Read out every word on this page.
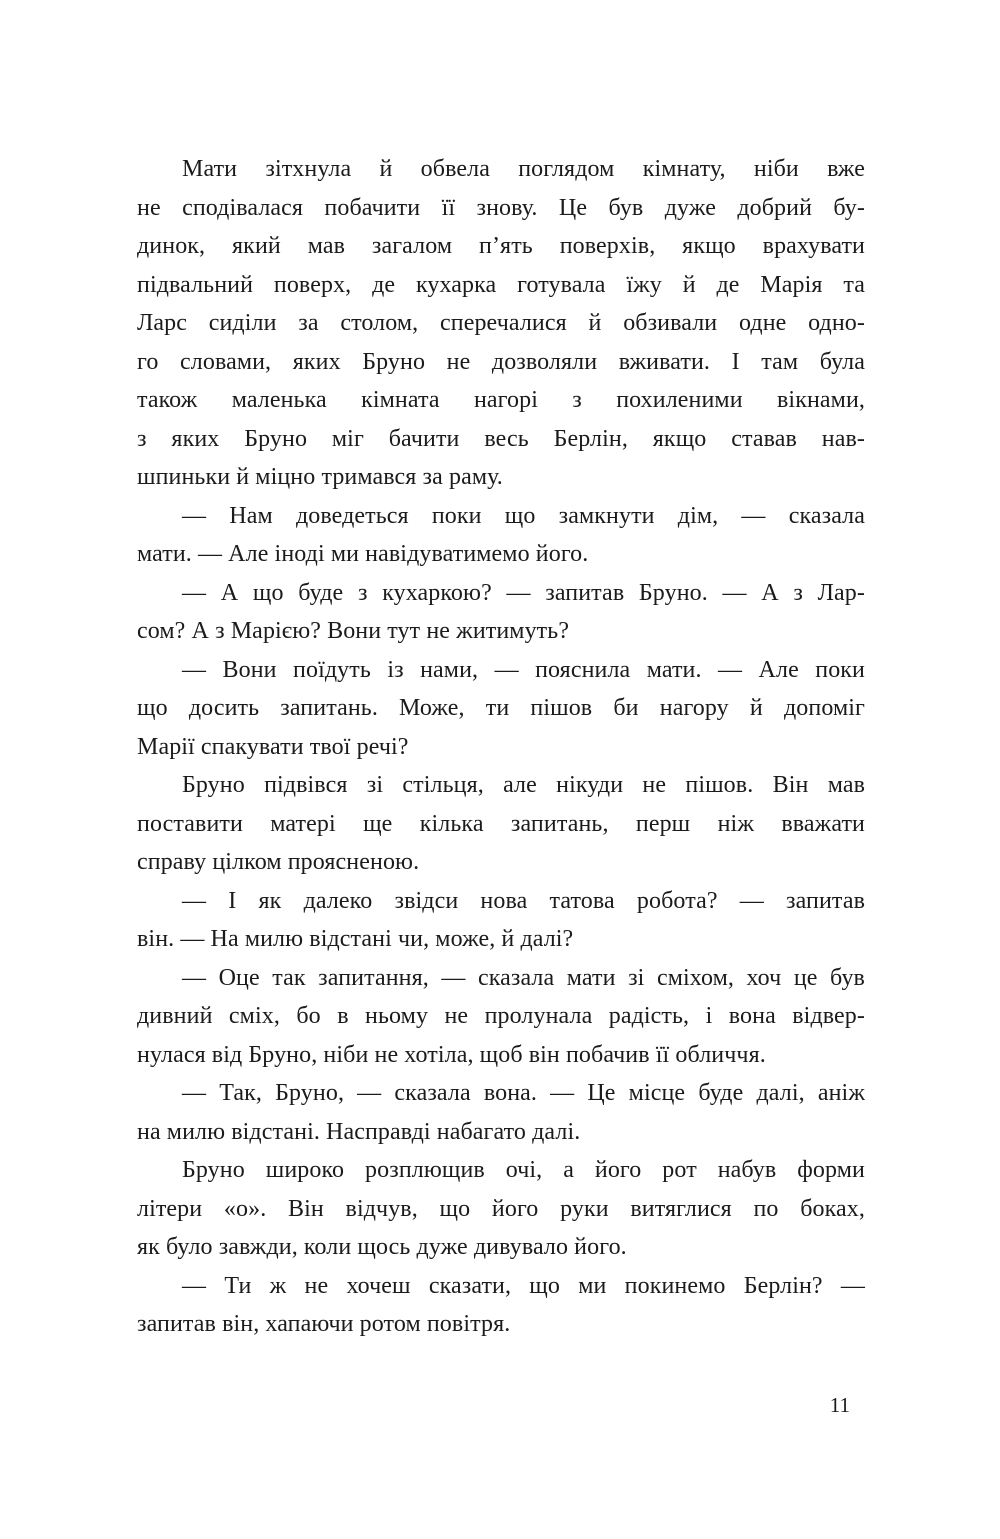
Мати зітхнула й обвела поглядом кімнату, ніби вже
не сподівалася побачити її знову. Це був дуже добрий бу-
динок, який мав загалом п’ять поверхів, якщо врахувати
підвальний поверх, де кухарка готувала їжу й де Марія та
Ларс сиділи за столом, сперечалися й обзивали одне одно-
го словами, яких Бруно не дозволяли вживати. І там була
також маленька кімната нагорі з похиленими вікнами,
з яких Бруно міг бачити весь Берлін, якщо ставав нав-
шпиньки й міцно тримався за раму.
— Нам доведеться поки що замкнути дім, — сказала
мати. — Але іноді ми навідуватимемо його.
— А що буде з кухаркою? — запитав Бруно. — А з Лар-
сом? А з Марією? Вони тут не житимуть?
— Вони поїдуть із нами, — пояснила мати. — Але поки
що досить запитань. Може, ти пішов би нагору й допоміг
Марії спакувати твої речі?
Бруно підвівся зі стільця, але нікуди не пішов. Він мав
поставити матері ще кілька запитань, перш ніж вважати
справу цілком проясненою.
— І як далеко звідси нова татова робота? — запитав
він. — На милю відстані чи, може, й далі?
— Оце так запитання, — сказала мати зі сміхом, хоч це був
дивний сміх, бо в ньому не пролунала радість, і вона відвер-
нулася від Бруно, ніби не хотіла, щоб він побачив її обличчя.
— Так, Бруно, — сказала вона. — Це місце буде далі, аніж
на милю відстані. Насправді набагато далі.
Бруно широко розплющив очі, а його рот набув форми
літери «о». Він відчув, що його руки витяглися по боках,
як було завжди, коли щось дуже дивувало його.
— Ти ж не хочеш сказати, що ми покинемо Берлін? —
запитав він, хапаючи ротом повітря.
11
